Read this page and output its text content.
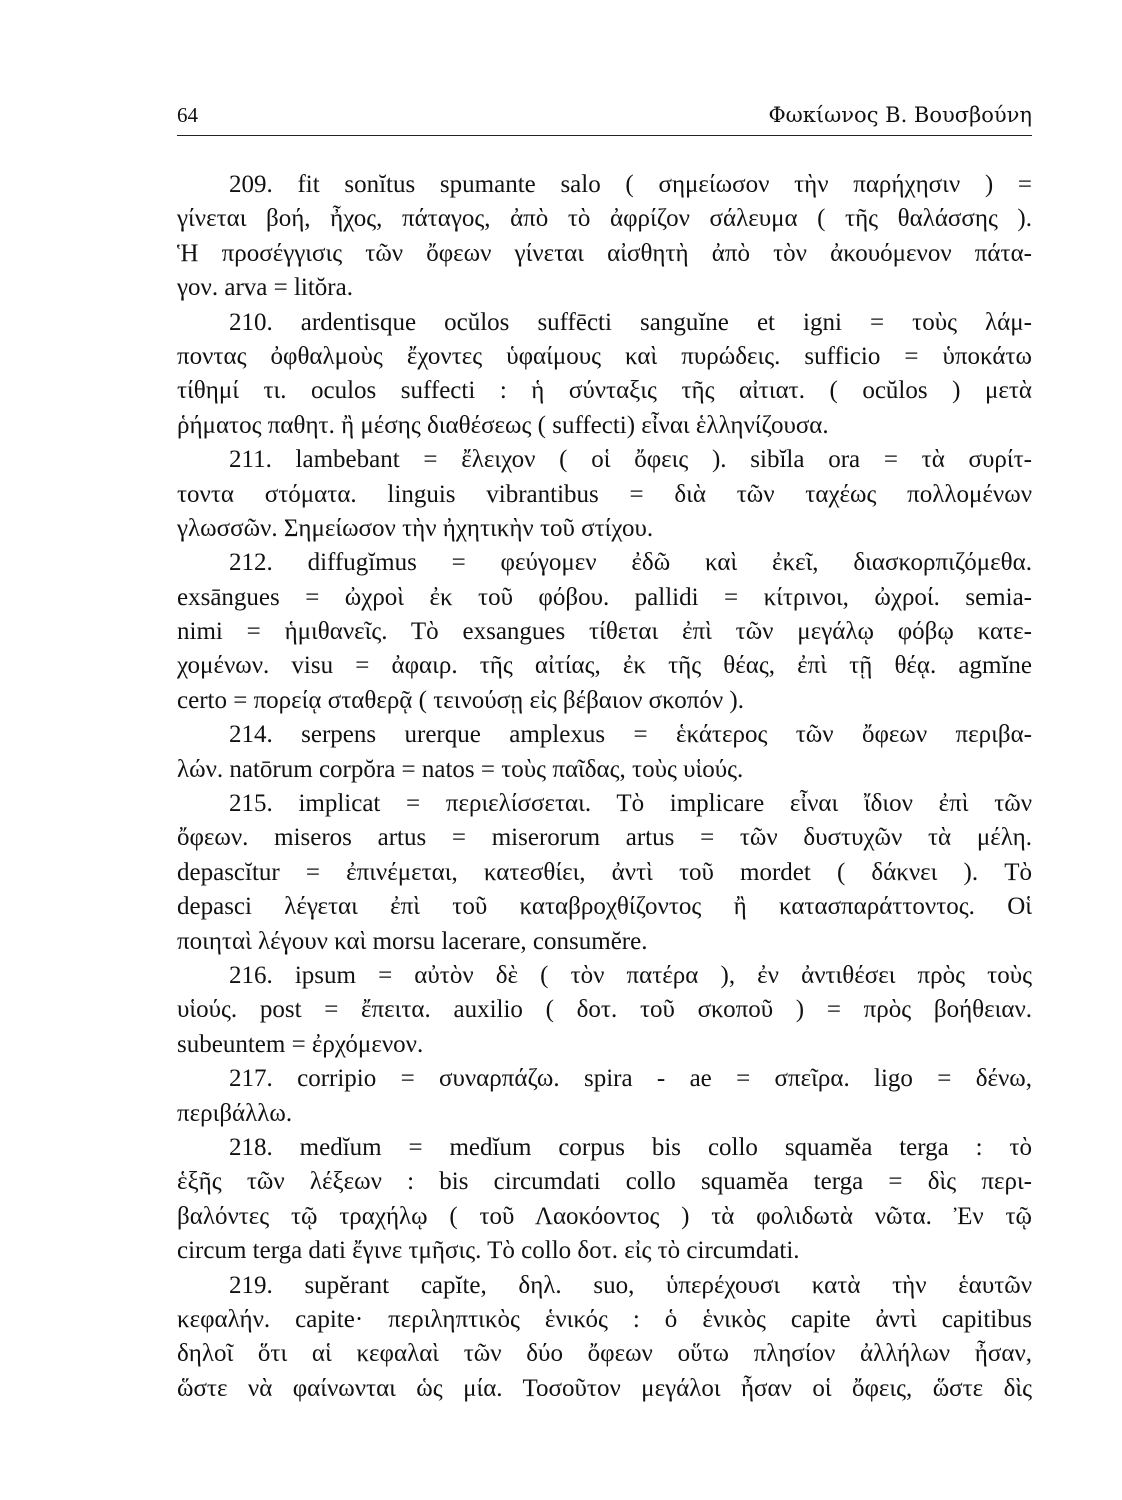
64	Φωκίωνος Β. Βουσβούνη
209. fit sonĭtus spumante salo ( σημείωσον τὴν παρήχησιν ) =
γίνεται βοή, ἦχος, πάταγος, ἀπὸ τὸ ἀφρίζον σάλευμα ( τῆς θαλάσσης ).
Ἡ προσέγγισις τῶν ὄφεων γίνεται αἰσθητὴ ἀπὸ τὸν ἀκουόμενον πάτα-
γον. arva = litŏra.
210. ardentisque ocŭlos suffēcti sanguĭne et igni = τοὺς λάμ-
ποντας ὀφθαλμοὺς ἔχοντες ὑφαίμους καὶ πυρώδεις. sufficio = ὑποκάτω
τίθημί τι. oculos suffecti : ἡ σύνταξις τῆς αἰτιατ. ( ocŭlos ) μετὰ
ῥήματος παθητ. ἢ μέσης διαθέσεως ( suffecti) εἶναι ἑλληνίζουσα.
211. lambebant = ἔλειχον ( οἱ ὄφεις ). sibĭla ora = τὰ συρίτ-
τοντα στόματα. linguis vibrantibus = διὰ τῶν ταχέως πολλομένων
γλωσσῶν. Σημείωσον τὴν ἠχητικὴν τοῦ στίχου.
212. diffugĭmus = φεύγομεν ἐδῶ καὶ ἐκεῖ, διασκορπιζόμεθα.
exsāngues = ὠχροὶ ἐκ τοῦ φόβου. pallidi = κίτρινοι, ὠχροί. semia-
nimi = ἡμιθανεῖς. Τὸ exsangues τίθεται ἐπὶ τῶν μεγάλῳ φόβῳ κατε-
χομένων. visu = ἀφαιρ. τῆς αἰτίας, ἐκ τῆς θέας, ἐπὶ τῇ θέᾳ. agmĭne
certo = πορείᾳ σταθερᾷ ( τεινούσῃ εἰς βέβαιον σκοπόν ).
214. serpens urerque amplexus = ἑκάτερος τῶν ὄφεων περιβα-
λών. natōrum corpŏra = natos = τοὺς παῖδας, τοὺς υἱούς.
215. implicat = περιελίσσεται. Τὸ implicare εἶναι ἴδιον ἐπὶ τῶν
ὄφεων. miseros artus = miserorum artus = τῶν δυστυχῶν τὰ μέλη.
depascĭtur = ἐπινέμεται, κατεσθίει, ἀντὶ τοῦ mordet ( δάκνει ). Τὸ
depasci λέγεται ἐπὶ τοῦ καταβροχθίζοντος ἢ κατασπαράττοντος. Οἱ
ποιηταὶ λέγουν καὶ morsu lacerare, consumĕre.
216. ipsum = αὐτὸν δὲ ( τὸν πατέρα ), ἐν ἀντιθέσει πρὸς τοὺς
υἱούς. post = ἔπειτα. auxilio ( δοτ. τοῦ σκοποῦ ) = πρὸς βοήθειαν.
subeuntem = ἐρχόμενον.
217. corripio = συναρπάζω. spira - ae = σπεῖρα. ligo = δένω,
περιβάλλω.
218. medĭum = medĭum corpus bis collo squamĕa terga : τὸ
ἑξῆς τῶν λέξεων : bis circumdati collo squamĕa terga = δὶς περι-
βαλόντες τῷ τραχήλῳ ( τοῦ Λαοκόοντος ) τὰ φολιδωτὰ νῶτα. Ἐν τῷ
circum terga dati ἔγινε τμῆσις. Τὸ collo δοτ. εἰς τὸ circumdati.
219. supĕrant capĭte, δηλ. suo, ὑπερέχουσι κατὰ τὴν ἑαυτῶν
κεφαλήν. capite· περιληπτικὸς ἑνικός : ὁ ἑνικὸς capite ἀντὶ capitibus
δηλοῖ ὅτι αἱ κεφαλαὶ τῶν δύο ὄφεων οὕτω πλησίον ἀλλήλων ἦσαν,
ὥστε νὰ φαίνωνται ὡς μία. Τοσοῦτον μεγάλοι ἦσαν οἱ ὄφεις, ὥστε δὶς
